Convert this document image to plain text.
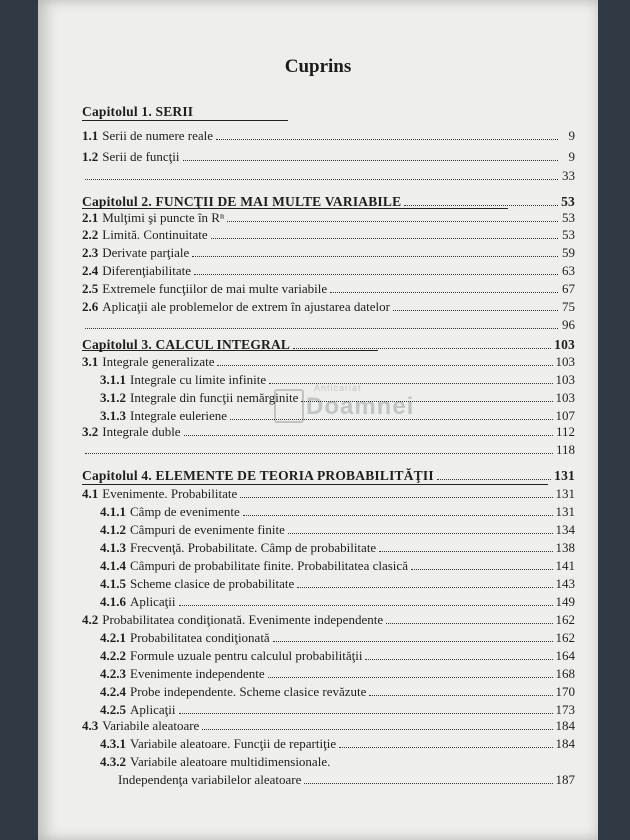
Cuprins
Anticariat
Doamnei
Capitolul 1. SERII
1.1 Serii de numere reale	9
1.2 Serii de funcţii	9
33
Capitolul 2. FUNCŢII DE MAI MULTE VARIABILE	53
2.1 Mulţimi şi puncte în Rⁿ	53
2.2 Limită. Continuitate	53
2.3 Derivate parţiale	59
2.4 Diferenţiabilitate	63
2.5 Extremele funcţiilor de mai multe variabile	67
2.6 Aplicaţii ale problemelor de extrem în ajustarea datelor	75
96
Capitolul 3. CALCUL INTEGRAL	103
3.1 Integrale generalizate	103
3.1.1 Integrale cu limite infinite	103
3.1.2 Integrale din funcţii nemărginite	103
3.1.3 Integrale euleriene	107
3.2 Integrale duble	112
118
Capitolul 4. ELEMENTE DE TEORIA PROBABILITĂŢII	131
4.1 Evenimente. Probabilitate	131
4.1.1 Câmp de evenimente	131
4.1.2 Câmpuri de evenimente finite	134
4.1.3 Frecvenţă. Probabilitate. Câmp de probabilitate	138
4.1.4 Câmpuri de probabilitate finite. Probabilitatea clasică	141
4.1.5 Scheme clasice de probabilitate	143
4.1.6 Aplicaţii	149
4.2 Probabilitatea condiţionată. Evenimente independente	162
4.2.1 Probabilitatea condiţionată	162
4.2.2 Formule uzuale pentru calculul probabilităţii	164
4.2.3 Evenimente independente	168
4.2.4 Probe independente. Scheme clasice revăzute	170
4.2.5 Aplicaţii	173
4.3 Variabile aleatoare	184
4.3.1 Variabile aleatoare. Funcţii de repartiţie	184
4.3.2 Variabile aleatoare multidimensionale.
Independenţa variabilelor aleatoare	187
